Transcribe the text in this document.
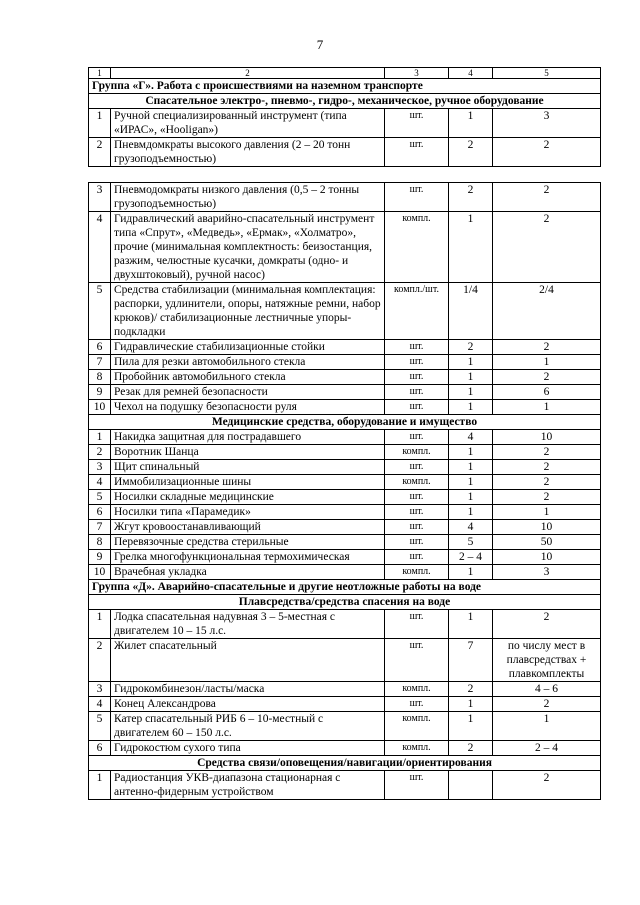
7
1	2	3	4	5
Группа «Г». Работа с происшествиями на наземном транспорте				
Спасательное электро-, пневмо-, гидро-, механическое, ручное оборудование				
1	Ручной специализированный инструмент (типа «ИРАС», «Hooligan»)	шт.	1	3
2	Пневмдомкраты высокого давления (2 – 20 тонн грузоподъемностью)	шт.	2	2
3	Пневмодомкраты низкого давления (0,5 – 2 тонны грузоподъемностью)	шт.	2	2
4	Гидравлический аварийно-спасательный инструмент типа «Спрут», «Медведь», «Ермак», «Холматро», прочие (минимальная комплектность: беизостанция, разжим, челюстные кусачки, домкраты (одно- и двухштоковый), ручной насос)	компл.	1	2
5	Средства стабилизации (минимальная комплектация: распорки, удлинители, опоры, натяжные ремни, набор крюков)/ стабилизационные лестничные упоры-подкладки	компл./шт.	1/4	2/4
6	Гидравлические стабилизационные стойки	шт.	2	2
7	Пила для резки автомобильного стекла	шт.	1	1
8	Пробойник автомобильного стекла	шт.	1	2
9	Резак для ремней безопасности	шт.	1	6
10	Чехол на подушку безопасности руля	шт.	1	1
Медицинские средства, оборудование и имущество				
1	Накидка защитная для пострадавшего	шт.	4	10
2	Воротник Шанца	компл.	1	2
3	Щит спинальный	шт.	1	2
4	Иммобилизационные шины	компл.	1	2
5	Носилки складные медицинские	шт.	1	2
6	Носилки типа «Парамедик»	шт.	1	1
7	Жгут кровоостанавливающий	шт.	4	10
8	Перевязочные средства стерильные	шт.	5	50
9	Грелка многофункциональная термохимическая	шт.	2 – 4	10
10	Врачебная укладка	компл.	1	3
Группа «Д». Аварийно-спасательные и другие неотложные работы на воде				
Плавсредства/средства спасения на воде				
1	Лодка спасательная надувная 3 – 5-местная с двигателем 10 – 15 л.с.	шт.	1	2
2	Жилет спасательный	шт.	7	по числу мест в плавсредствах + плавкомплекты
3	Гидрокомбинезон/ласты/маска	компл.	2	4 – 6
4	Конец Александрова	шт.	1	2
5	Катер спасательный РИБ 6 – 10-местный с двигателем 60 – 150 л.с.	компл.	1	1
6	Гидрокостюм сухого типа	компл.	2	2 – 4
Средства связи/оповещения/навигации/ориентирования				
1	Радиостанция УКВ-диапазона стационарная с антенно-фидерным устройством	шт.		2
